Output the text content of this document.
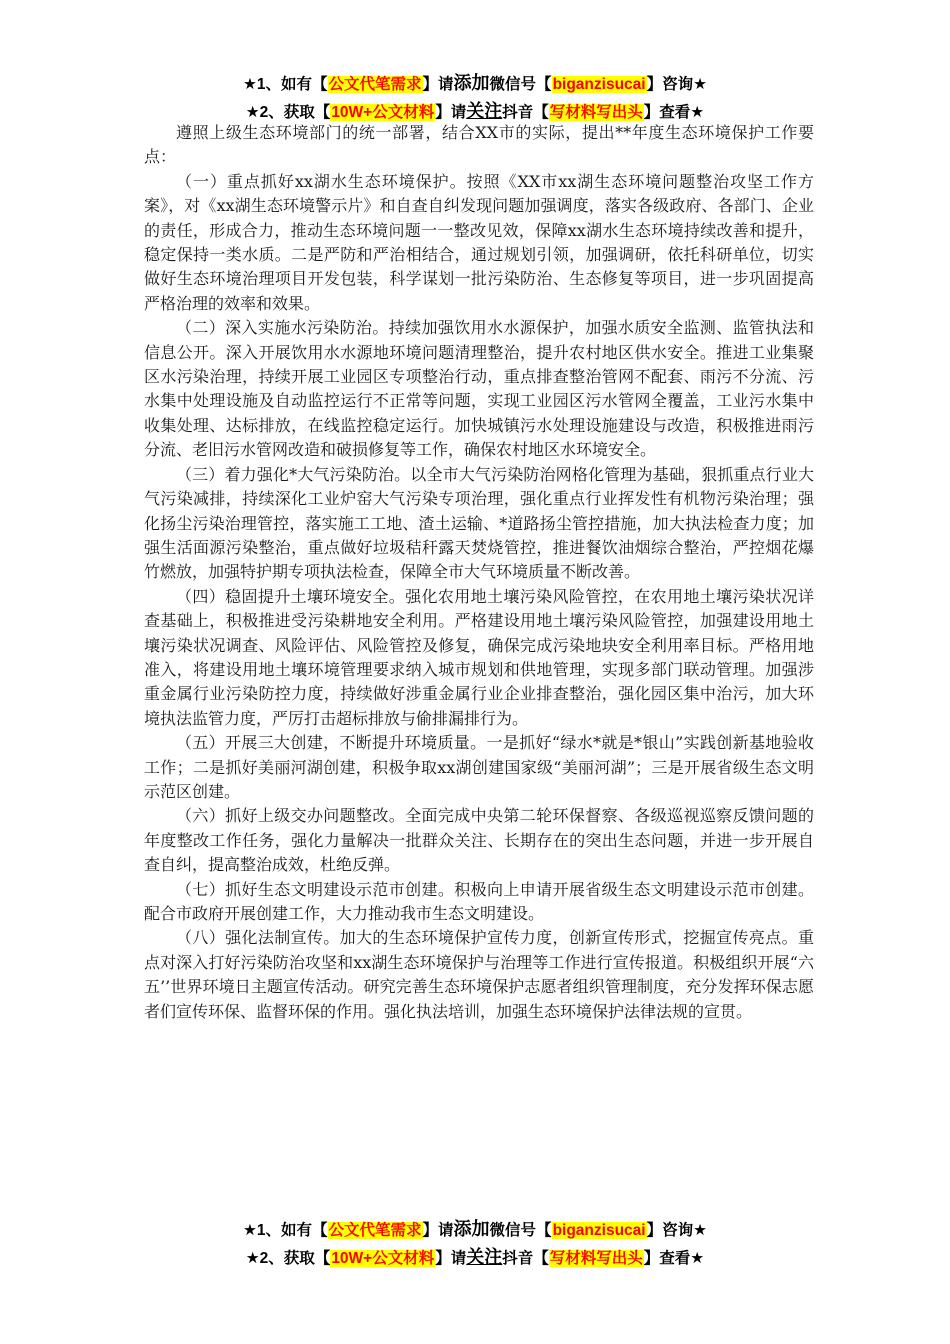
★1、如有【公文代笔需求】请添加微信号【biganzisucai】咨询★
★2、获取【10W+公文材料】请关注抖音【写材料写出头】查看★

遵照上级生态环境部门的统一部署，结合XX市的实际，提出**年度生态环境保护工作要点：

（一）重点抓好xx湖水生态环境保护。按照《XX市xx湖生态环境问题整治攻坚工作方案》，对《xx湖生态环境警示片》和自查自纠发现问题加强调度，落实各级政府、各部门、企业的责任，形成合力，推动生态环境问题一一整改见效，保障xx湖水生态环境持续改善和提升，稳定保持一类水质。二是严防和严治相结合，通过规划引领，加强调研，依托科研单位，切实做好生态环境治理项目开发包装，科学谋划一批污染防治、生态修复等项目，进一步巩固提高严格治理的效率和效果。

（二）深入实施水污染防治。持续加强饮用水水源保护，加强水质安全监测、监管执法和信息公开。深入开展饮用水水源地环境问题清理整治，提升农村地区供水安全。推进工业集聚区水污染治理，持续开展工业园区专项整治行动，重点排查整治管网不配套、雨污不分流、污水集中处理设施及自动监控运行不正常等问题，实现工业园区污水管网全覆盖，工业污水集中收集处理、达标排放，在线监控稳定运行。加快城镇污水处理设施建设与改造，积极推进雨污分流、老旧污水管网改造和破损修复等工作，确保农村地区水环境安全。

（三）着力强化*大气污染防治。以全市大气污染防治网格化管理为基础，狠抓重点行业大气污染减排，持续深化工业炉窑大气污染专项治理，强化重点行业挥发性有机物污染治理；强化扬尘污染治理管控，落实施工工地、渣土运输、*道路扬尘管控措施，加大执法检查力度；加强生活面源污染整治，重点做好垃圾秸秆露天焚烧管控，推进餐饮油烟综合整治，严控烟花爆竹燃放，加强特护期专项执法检查，保障全市大气环境质量不断改善。

（四）稳固提升土壤环境安全。强化农用地土壤污染风险管控，在农用地土壤污染状况详查基础上，积极推进受污染耕地安全利用。严格建设用地土壤污染风险管控，加强建设用地土壤污染状况调查、风险评估、风险管控及修复，确保完成污染地块安全利用率目标。严格用地准入，将建设用地土壤环境管理要求纳入城市规划和供地管理，实现多部门联动管理。加强涉重金属行业污染防控力度，持续做好涉重金属行业企业排查整治，强化园区集中治污，加大环境执法监管力度，严厉打击超标排放与偷排漏排行为。

（五）开展三大创建，不断提升环境质量。一是抓好“绿水*就是*银山”实践创新基地验收工作；二是抓好美丽河湖创建，积极争取xx湖创建国家级“美丽河湖”；三是开展省级生态文明示范区创建。

（六）抓好上级交办问题整改。全面完成中央第二轮环保督察、各级巡视巡察反馈问题的年度整改工作任务，强化力量解决一批群众关注、长期存在的突出生态问题，并进一步开展自查自纠，提高整治成效，杜绝反弹。

（七）抓好生态文明建设示范市创建。积极向上申请开展省级生态文明建设示范市创建。配合市政府开展创建工作，大力推动我市生态文明建设。

（八）强化法制宣传。加大的生态环境保护宣传力度，创新宣传形式，挖掘宣传亮点。重点对深入打好污染防治攻坚和xx湖生态环境保护与治理等工作进行宣传报道。积极组织开展“六五’’世界环境日主题宣传活动。研究完善生态环境保护志愿者组织管理制度，充分发挥环保志愿者们宣传环保、监督环保的作用。强化执法培训，加强生态环境保护法律法规的宣贯。

★1、如有【公文代笔需求】请添加微信号【biganzisucai】咨询★
★2、获取【10W+公文材料】请关注抖音【写材料写出头】查看★
